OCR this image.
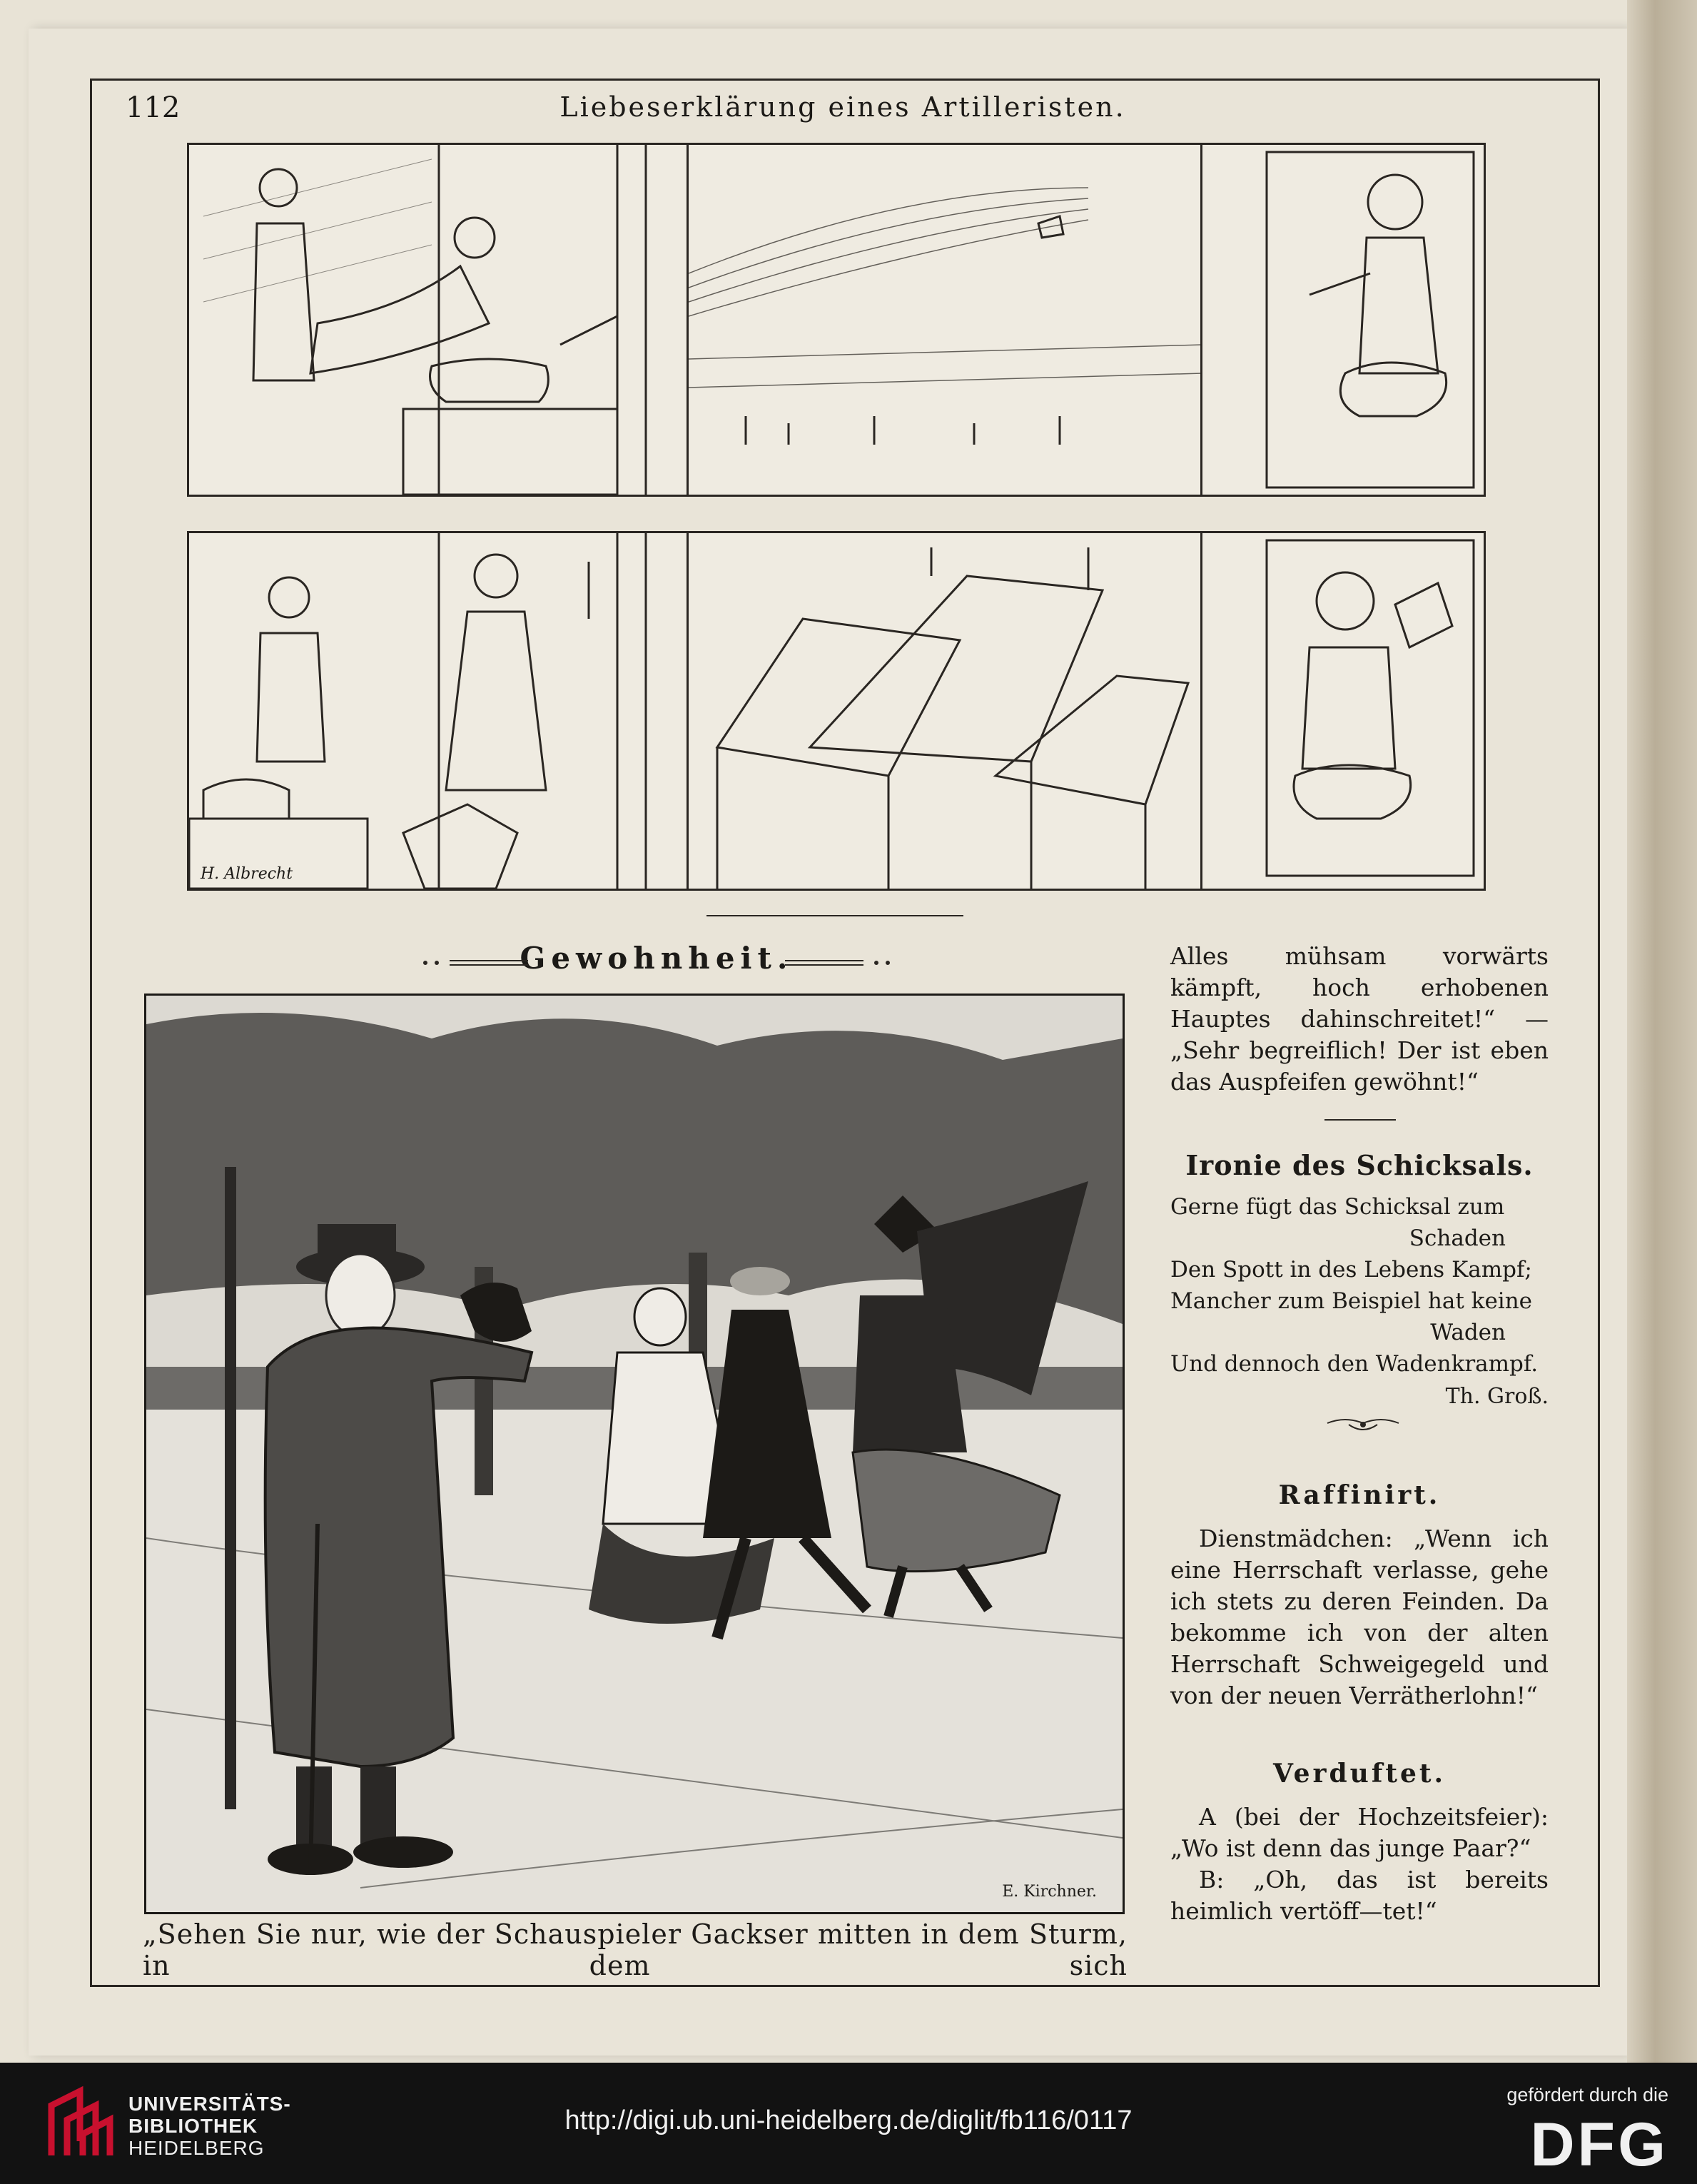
112	Liebeserklärung eines Artilleristen.
H. Albrecht
Gewohnheit.
E. Kirchner.
„Sehen Sie nur, wie der Schauspieler Gackser mitten in dem Sturm, in dem sich

Alles mühsam vorwärts kämpft, hoch erhobenen Hauptes dahinschreitet!“ — „Sehr begreiflich! Der ist eben das Auspfeifen gewöhnt!“

Ironie des Schicksals.

Gerne fügt das Schicksal zum

Schaden

Den Spott in des Lebens Kampf;

Mancher zum Beispiel hat keine

Waden

Und dennoch den Wadenkrampf.

Th. Groß.

Raffinirt.

Dienstmädchen: „Wenn ich eine Herrschaft verlasse, gehe ich stets zu deren Feinden. Da bekomme ich von der alten Herrschaft Schweigegeld und von der neuen Verrätherlohn!“

Verduftet.

A (bei der Hochzeitsfeier): „Wo ist denn das junge Paar?“

B: „Oh, das ist bereits heimlich vertöff—tet!“

UNIVERSITÄTS-
BIBLIOTHEK
HEIDELBERG
http://digi.ub.uni-heidelberg.de/diglit/fb116/0117
gefördert durch die
DFG
